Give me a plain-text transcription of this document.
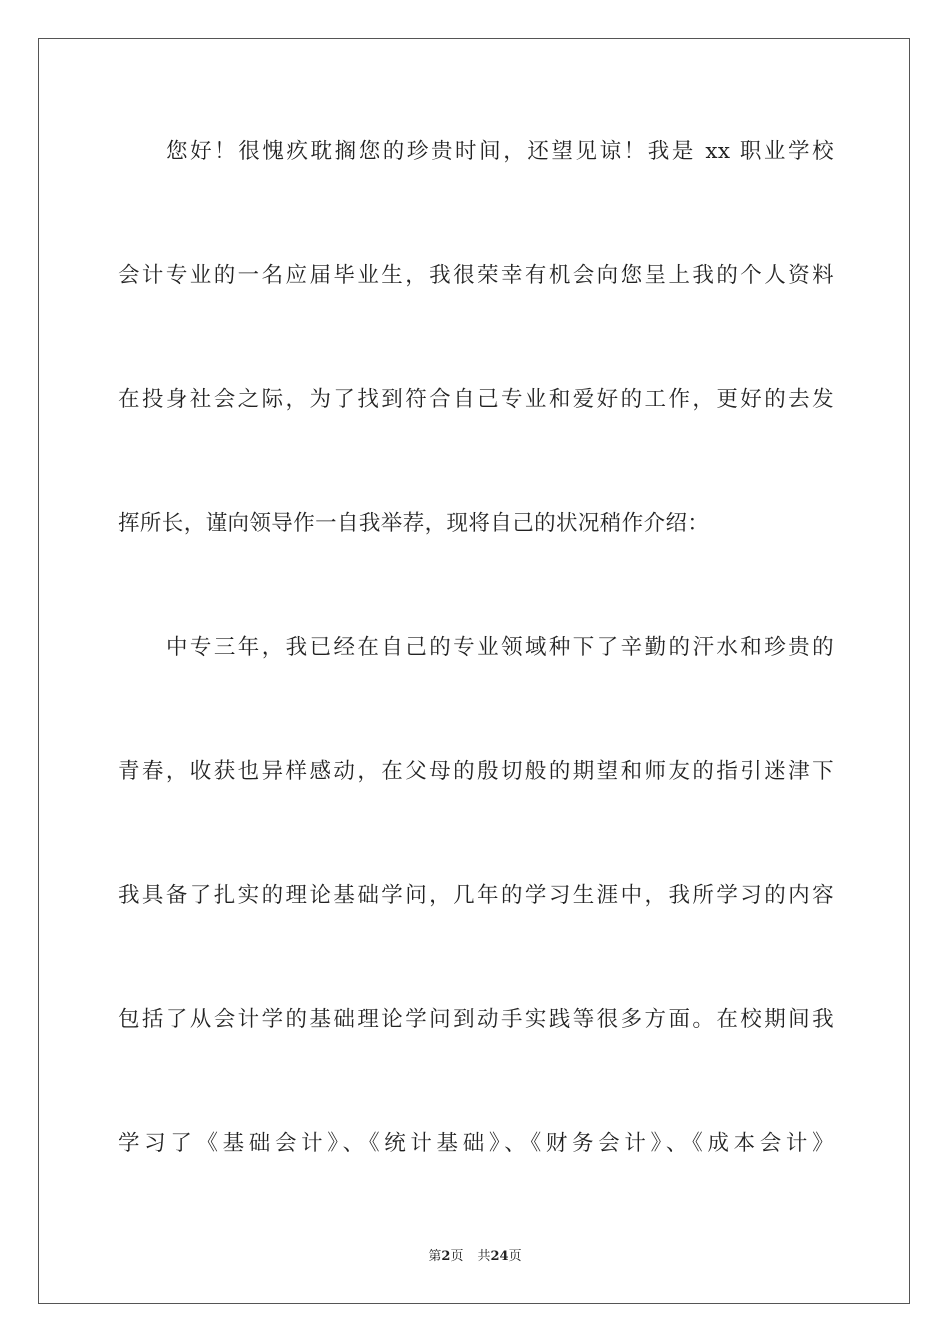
您好！很愧疚耽搁您的珍贵时间，还望见谅！我是 xx 职业学校
会计专业的一名应届毕业生，我很荣幸有机会向您呈上我的个人资料
在投身社会之际，为了找到符合自己专业和爱好的工作，更好的去发
挥所长，谨向领导作一自我举荐，现将自己的状况稍作介绍：
中专三年，我已经在自己的专业领域种下了辛勤的汗水和珍贵的
青春，收获也异样感动，在父母的殷切般的期望和师友的指引迷津下
我具备了扎实的理论基础学问，几年的学习生涯中，我所学习的内容
包括了从会计学的基础理论学问到动手实践等很多方面。在校期间我
学习了《基础会计》、《统计基础》、《财务会计》、《成本会计》
第2页 共24页
